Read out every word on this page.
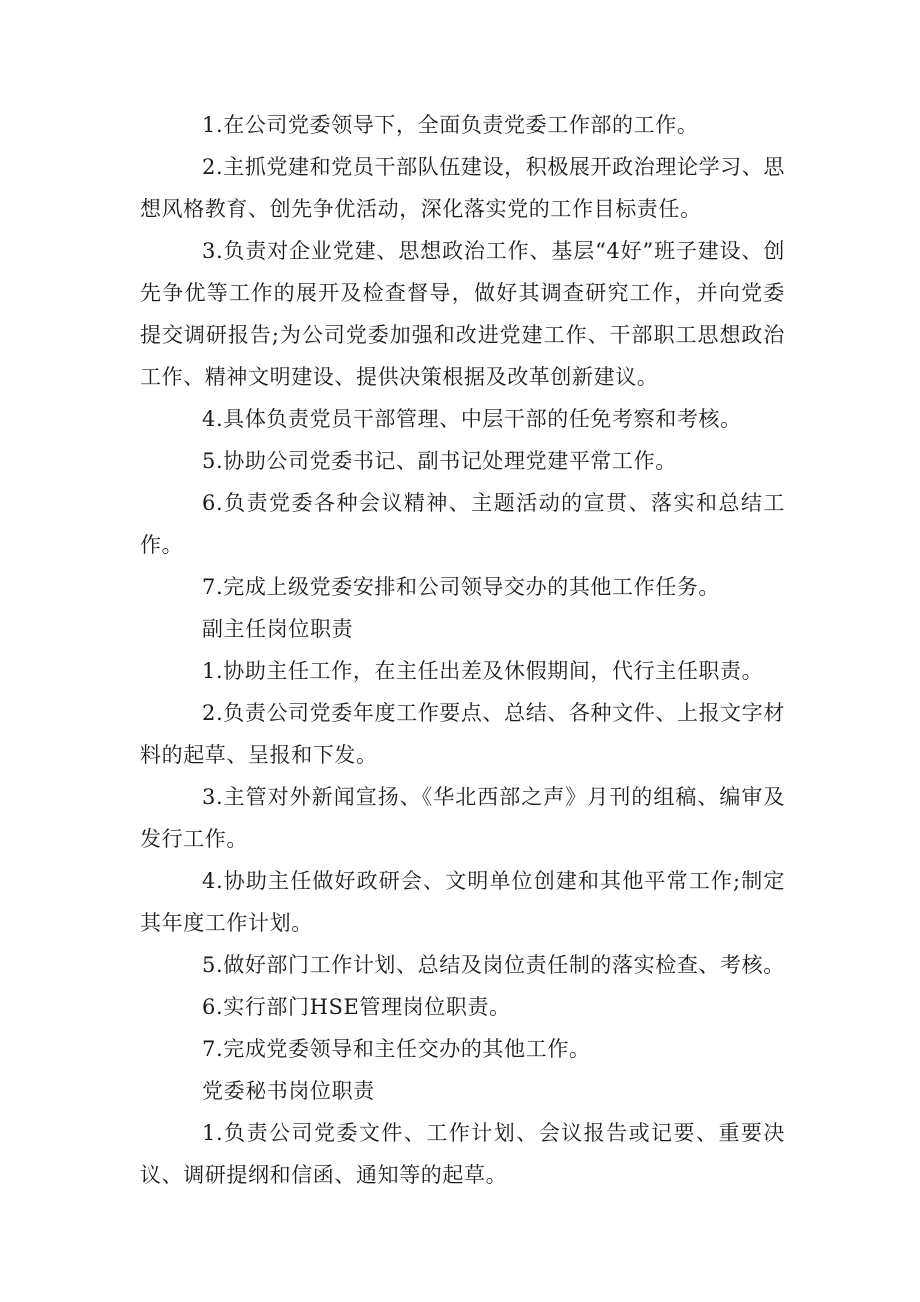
1.在公司党委领导下，全面负责党委工作部的工作。

2.主抓党建和党员干部队伍建设，积极展开政治理论学习、思想风格教育、创先争优活动，深化落实党的工作目标责任。

3.负责对企业党建、思想政治工作、基层“4好”班子建设、创先争优等工作的展开及检查督导，做好其调查研究工作，并向党委提交调研报告;为公司党委加强和改进党建工作、干部职工思想政治工作、精神文明建设、提供决策根据及改革创新建议。

4.具体负责党员干部管理、中层干部的任免考察和考核。

5.协助公司党委书记、副书记处理党建平常工作。

6.负责党委各种会议精神、主题活动的宣贯、落实和总结工作。

7.完成上级党委安排和公司领导交办的其他工作任务。

副主任岗位职责

1.协助主任工作，在主任出差及休假期间，代行主任职责。

2.负责公司党委年度工作要点、总结、各种文件、上报文字材料的起草、呈报和下发。

3.主管对外新闻宣扬、《华北西部之声》月刊的组稿、编审及发行工作。

4.协助主任做好政研会、文明单位创建和其他平常工作;制定其年度工作计划。

5.做好部门工作计划、总结及岗位责任制的落实检查、考核。

6.实行部门HSE管理岗位职责。

7.完成党委领导和主任交办的其他工作。

党委秘书岗位职责

1.负责公司党委文件、工作计划、会议报告或记要、重要决议、调研提纲和信函、通知等的起草。
